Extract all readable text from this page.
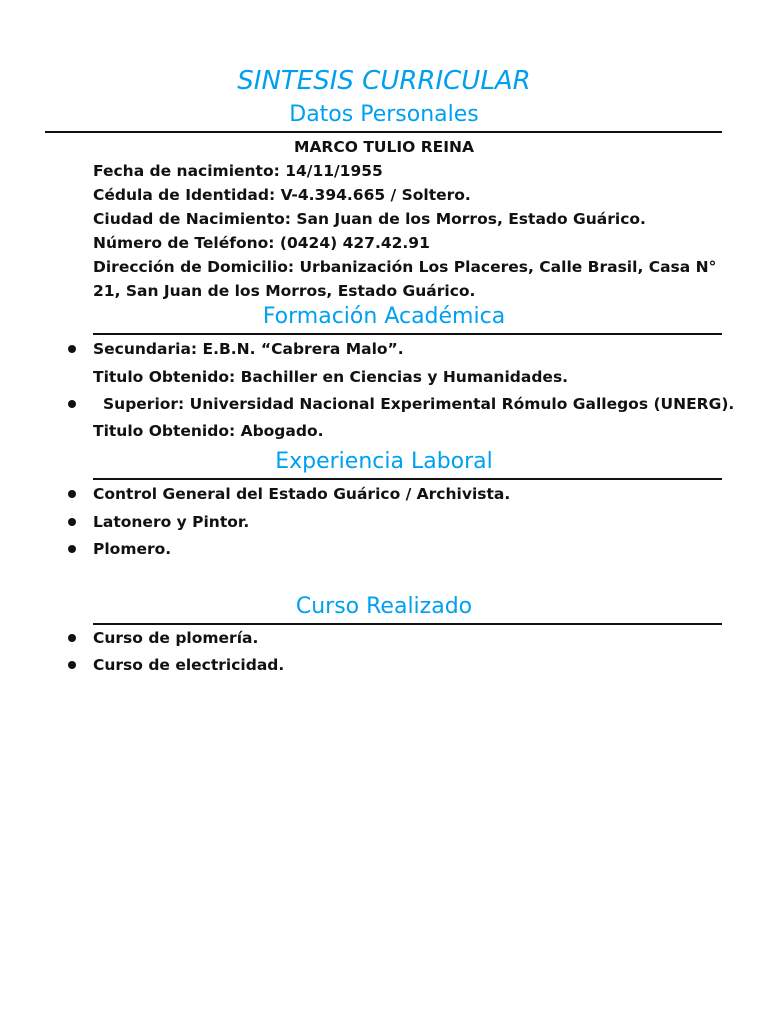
SINTESIS CURRICULAR
Datos Personales
MARCO TULIO REINA
Fecha de nacimiento: 14/11/1955
Cédula de Identidad: V-4.394.665 / Soltero.
Ciudad de Nacimiento: San Juan de los Morros, Estado Guárico.
Número de Teléfono: (0424) 427.42.91
Dirección de Domicilio: Urbanización Los Placeres, Calle Brasil, Casa N°
21, San Juan de los Morros, Estado Guárico.
Formación Académica
Secundaria: E.B.N. “Cabrera Malo”.
Titulo Obtenido: Bachiller en Ciencias y Humanidades.
Superior: Universidad Nacional Experimental Rómulo Gallegos (UNERG).
Titulo Obtenido: Abogado.
Experiencia Laboral
Control General del Estado Guárico / Archivista.
Latonero y Pintor.
Plomero.
Curso Realizado
Curso de plomería.
Curso de electricidad.
